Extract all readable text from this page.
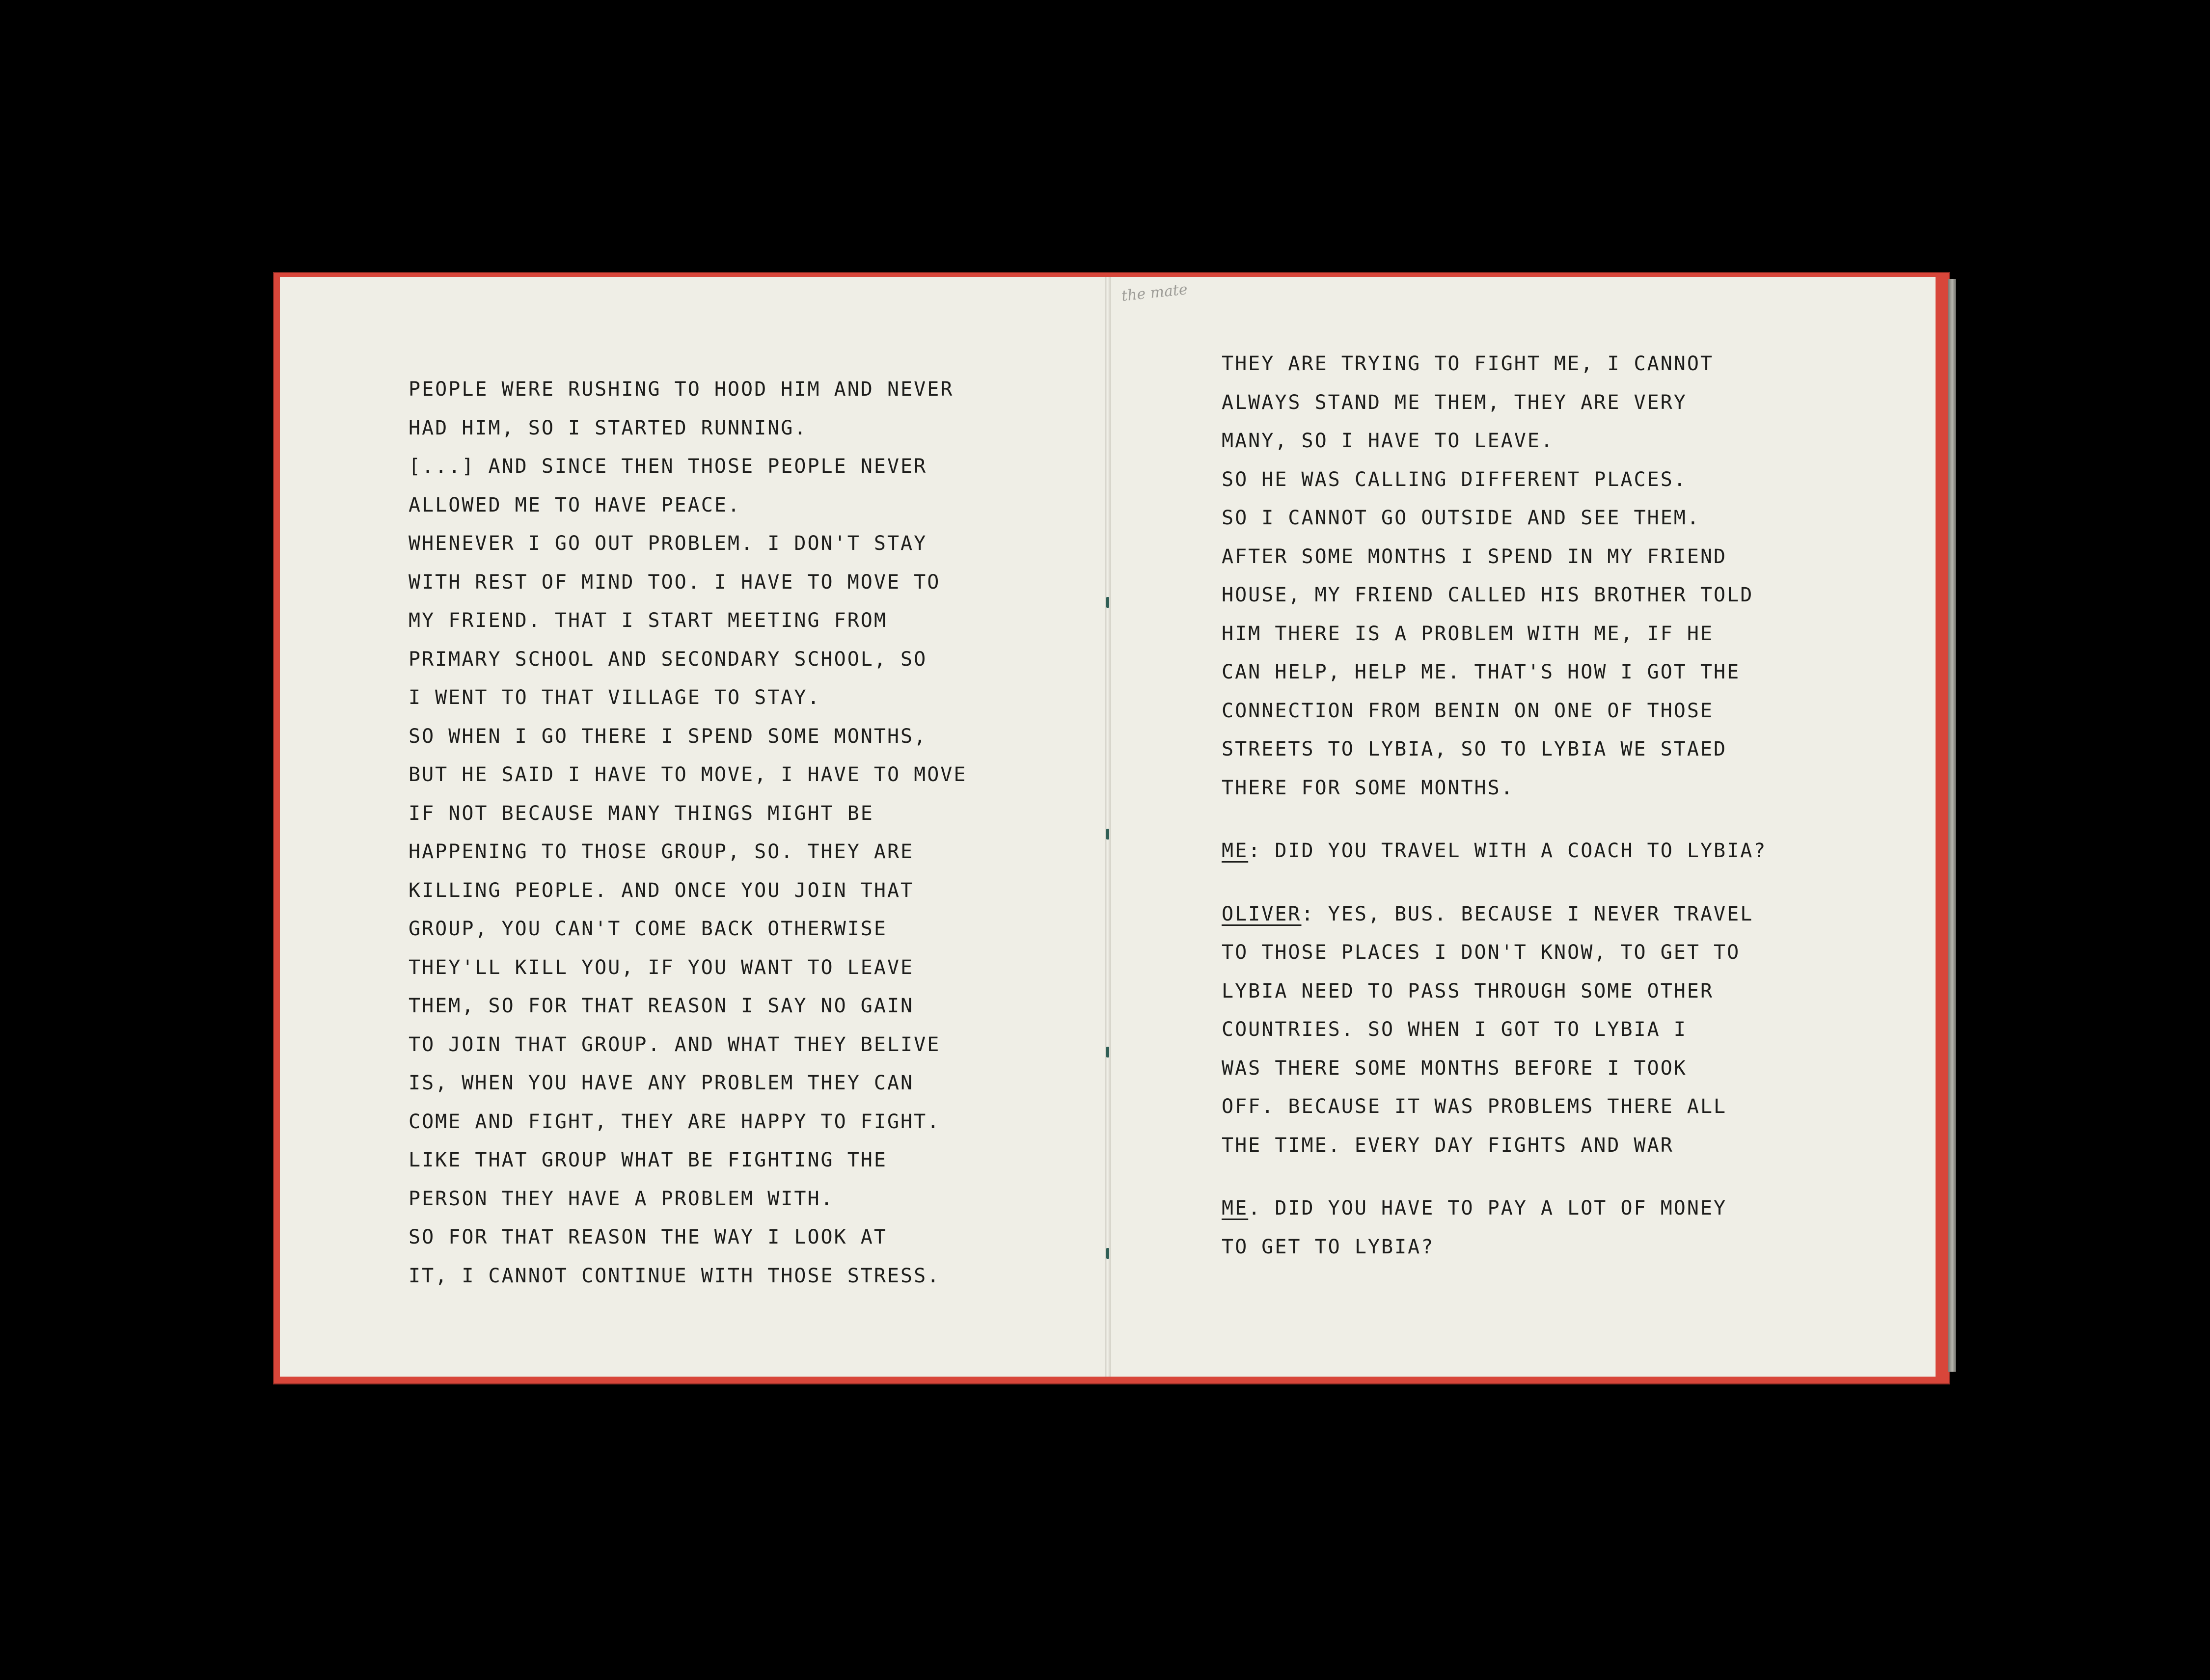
PEOPLE WERE RUSHING TO HOOD HIM AND NEVER
HAD HIM, SO I STARTED RUNNING.
[...] AND SINCE THEN THOSE PEOPLE NEVER
ALLOWED ME TO HAVE PEACE.
WHENEVER I GO OUT PROBLEM. I DON'T STAY
WITH REST OF MIND TOO. I HAVE TO MOVE TO
MY FRIEND. THAT I START MEETING FROM
PRIMARY SCHOOL AND SECONDARY SCHOOL, SO
I WENT TO THAT VILLAGE TO STAY.
SO WHEN I GO THERE I SPEND SOME MONTHS,
BUT HE SAID I HAVE TO MOVE, I HAVE TO MOVE
IF NOT BECAUSE MANY THINGS MIGHT BE
HAPPENING TO THOSE GROUP, SO. THEY ARE
KILLING PEOPLE. AND ONCE YOU JOIN THAT
GROUP, YOU CAN'T COME BACK OTHERWISE
THEY'LL KILL YOU, IF YOU WANT TO LEAVE
THEM, SO FOR THAT REASON I SAY NO GAIN
TO JOIN THAT GROUP. AND WHAT THEY BELIVE
IS, WHEN YOU HAVE ANY PROBLEM THEY CAN
COME AND FIGHT, THEY ARE HAPPY TO FIGHT.
LIKE THAT GROUP WHAT BE FIGHTING THE
PERSON THEY HAVE A PROBLEM WITH.
SO FOR THAT REASON THE WAY I LOOK AT
IT, I CANNOT CONTINUE WITH THOSE STRESS.
the mate
THEY ARE TRYING TO FIGHT ME, I CANNOT
ALWAYS STAND ME THEM, THEY ARE VERY
MANY, SO I HAVE TO LEAVE.
SO HE WAS CALLING DIFFERENT PLACES.
SO I CANNOT GO OUTSIDE AND SEE THEM.
AFTER SOME MONTHS I SPEND IN MY FRIEND
HOUSE, MY FRIEND CALLED HIS BROTHER TOLD
HIM THERE IS A PROBLEM WITH ME, IF HE
CAN HELP, HELP ME. THAT'S HOW I GOT THE
CONNECTION FROM BENIN ON ONE OF THOSE
STREETS TO LYBIA, SO TO LYBIA WE STAED
THERE FOR SOME MONTHS.
ME: DID YOU TRAVEL WITH A COACH TO LYBIA?
OLIVER: YES, BUS. BECAUSE I NEVER TRAVEL
TO THOSE PLACES I DON'T KNOW, TO GET TO
LYBIA NEED TO PASS THROUGH SOME OTHER
COUNTRIES. SO WHEN I GOT TO LYBIA I
WAS THERE SOME MONTHS BEFORE I TOOK
OFF. BECAUSE IT WAS PROBLEMS THERE ALL
THE TIME. EVERY DAY FIGHTS AND WAR
ME. DID YOU HAVE TO PAY A LOT OF MONEY
TO GET TO LYBIA?
